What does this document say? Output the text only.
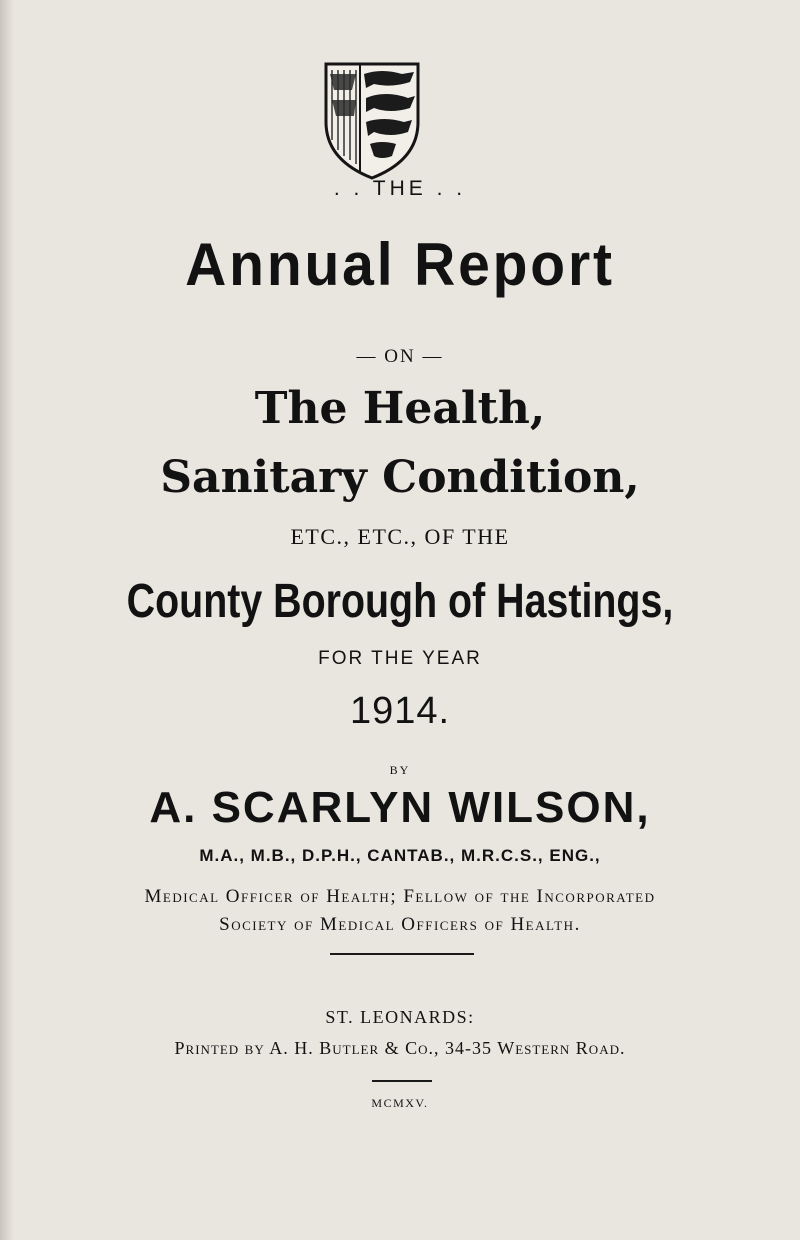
. . THE . .
Annual Report
— ON —
The Health,
Sanitary Condition,
ETC., ETC., OF THE
County Borough of Hastings,
FOR THE YEAR
1914.
BY
A. SCARLYN WILSON,
M.A., M.B., D.P.H., CANTAB., M.R.C.S., ENG.,
Medical Officer of Health; Fellow of the Incorporated
Society of Medical Officers of Health.
ST. LEONARDS:
Printed by A. H. Butler & Co., 34-35 Western Road.
MCMXV.
